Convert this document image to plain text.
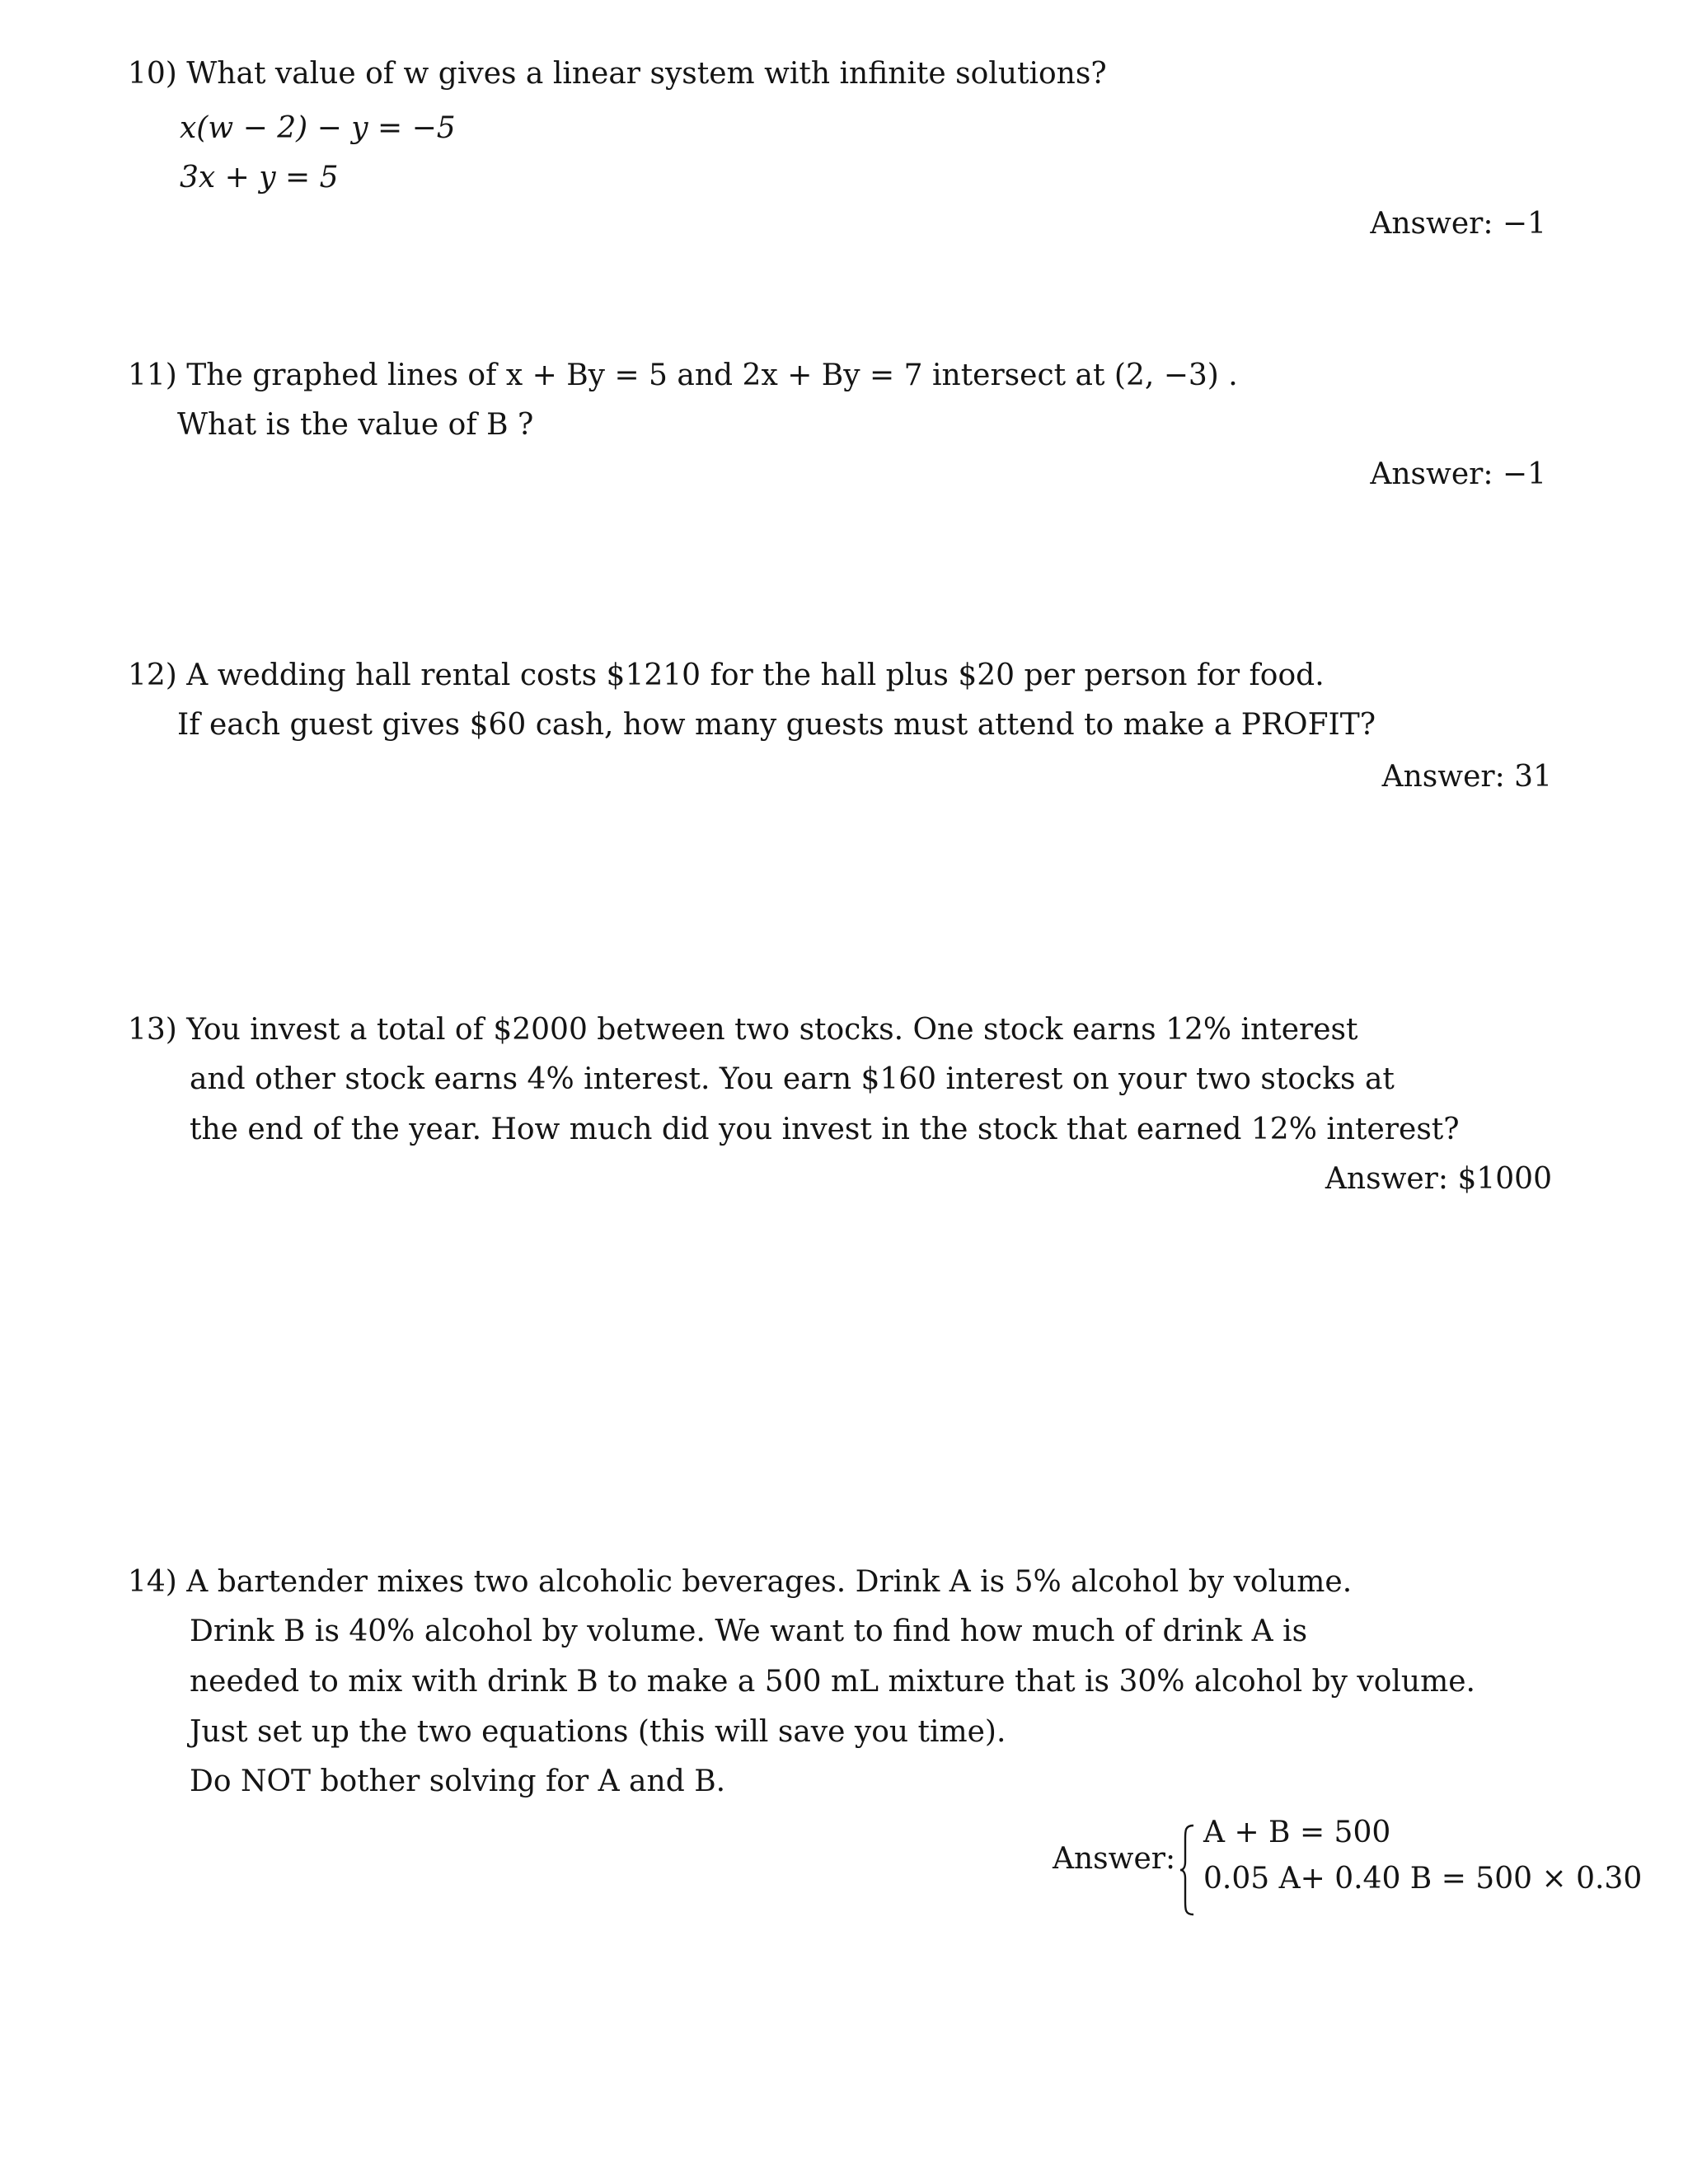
10) What value of w gives a linear system with infinite solutions?
x(w − 2) − y = −5
3x + y = 5
Answer: −1
11) The graphed lines of x + By = 5 and 2x + By = 7 intersect at (2, −3) .
What is the value of B ?
Answer: −1
12) A wedding hall rental costs $1210 for the hall plus $20 per person for food.
If each guest gives $60 cash, how many guests must attend to make a PROFIT?
Answer: 31
13) You invest a total of $2000 between two stocks. One stock earns 12% interest
and other stock earns 4% interest. You earn $160 interest on your two stocks at
the end of the year. How much did you invest in the stock that earned 12% interest?
Answer: $1000
14) A bartender mixes two alcoholic beverages. Drink A is 5% alcohol by volume.
Drink B is 40% alcohol by volume. We want to find how much of drink A is
needed to mix with drink B to make a 500 mL mixture that is 30% alcohol by volume.
Just set up the two equations (this will save you time).
Do NOT bother solving for A and B.
Answer:
A + B = 500
0.05 A+ 0.40 B = 500 × 0.30
